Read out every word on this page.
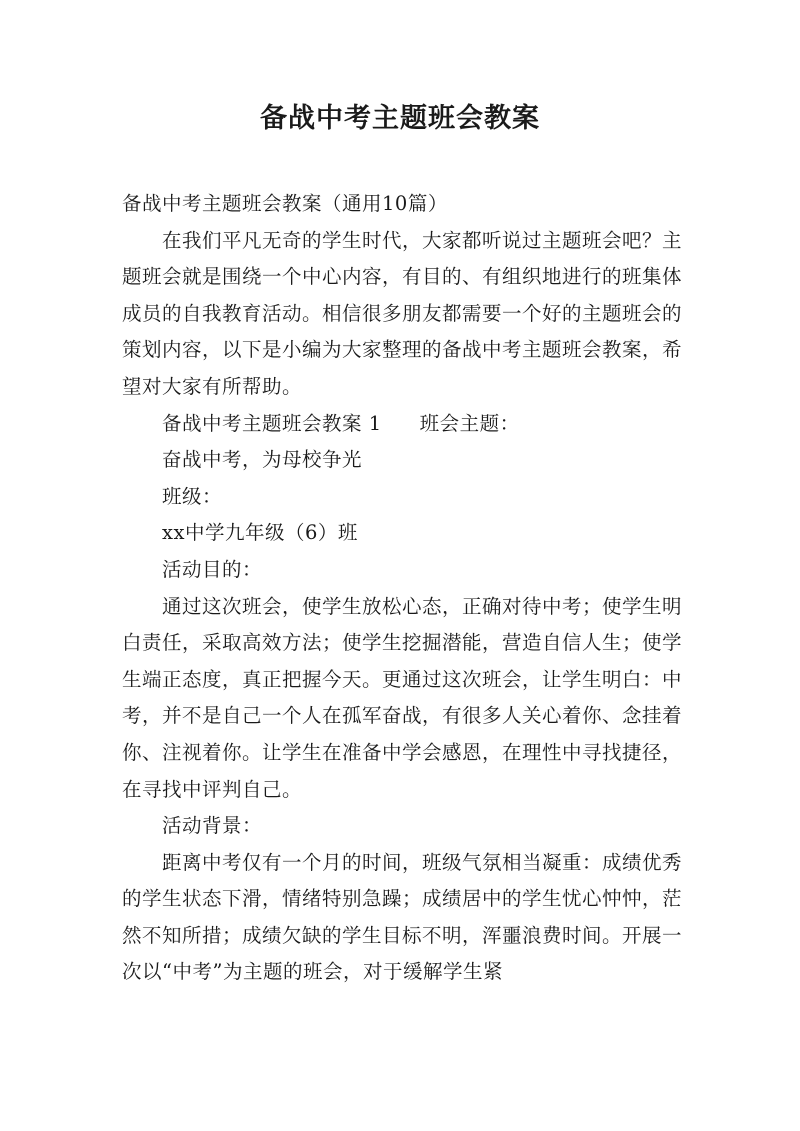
备战中考主题班会教案

备战中考主题班会教案（通用10篇）

在我们平凡无奇的学生时代，大家都听说过主题班会吧？主题班会就是围绕一个中心内容，有目的、有组织地进行的班集体成员的自我教育活动。相信很多朋友都需要一个好的主题班会的策划内容，以下是小编为大家整理的备战中考主题班会教案，希望对大家有所帮助。

备战中考主题班会教案 1 班会主题：

奋战中考，为母校争光

班级：

xx中学九年级（6）班

活动目的：

通过这次班会，使学生放松心态，正确对待中考；使学生明白责任，采取高效方法；使学生挖掘潜能，营造自信人生；使学生端正态度，真正把握今天。更通过这次班会，让学生明白：中考，并不是自己一个人在孤军奋战，有很多人关心着你、念挂着你、注视着你。让学生在准备中学会感恩，在理性中寻找捷径，在寻找中评判自己。

活动背景：

距离中考仅有一个月的时间，班级气氛相当凝重：成绩优秀的学生状态下滑，情绪特别急躁；成绩居中的学生忧心忡忡，茫然不知所措；成绩欠缺的学生目标不明，浑噩浪费时间。开展一次以“中考”为主题的班会，对于缓解学生紧
